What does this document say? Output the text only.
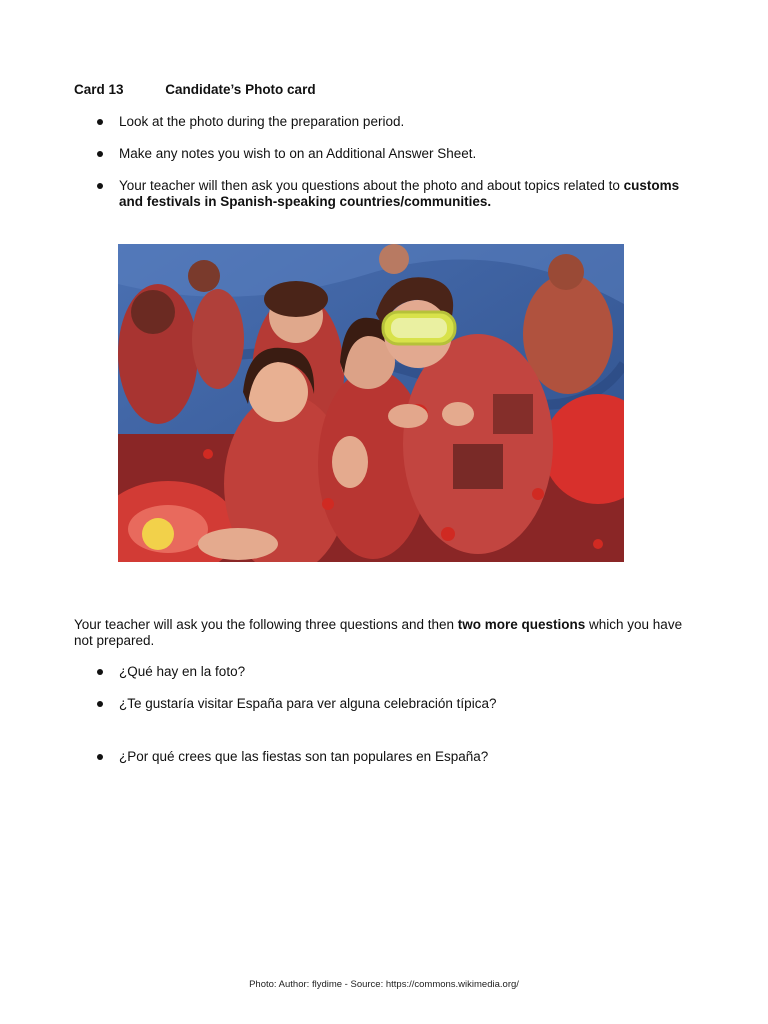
Card 13	Candidate’s Photo card
Look at the photo during the preparation period.
Make any notes you wish to on an Additional Answer Sheet.
Your teacher will then ask you questions about the photo and about topics related to customs and festivals in Spanish-speaking countries/communities.

Your teacher will ask you the following three questions and then two more questions which you have not prepared.

¿Qué hay en la foto?
¿Te gustaría visitar España para ver alguna celebración típica?
¿Por qué crees que las fiestas son tan populares en España?
Photo: Author: flydime - Source: https://commons.wikimedia.org/
